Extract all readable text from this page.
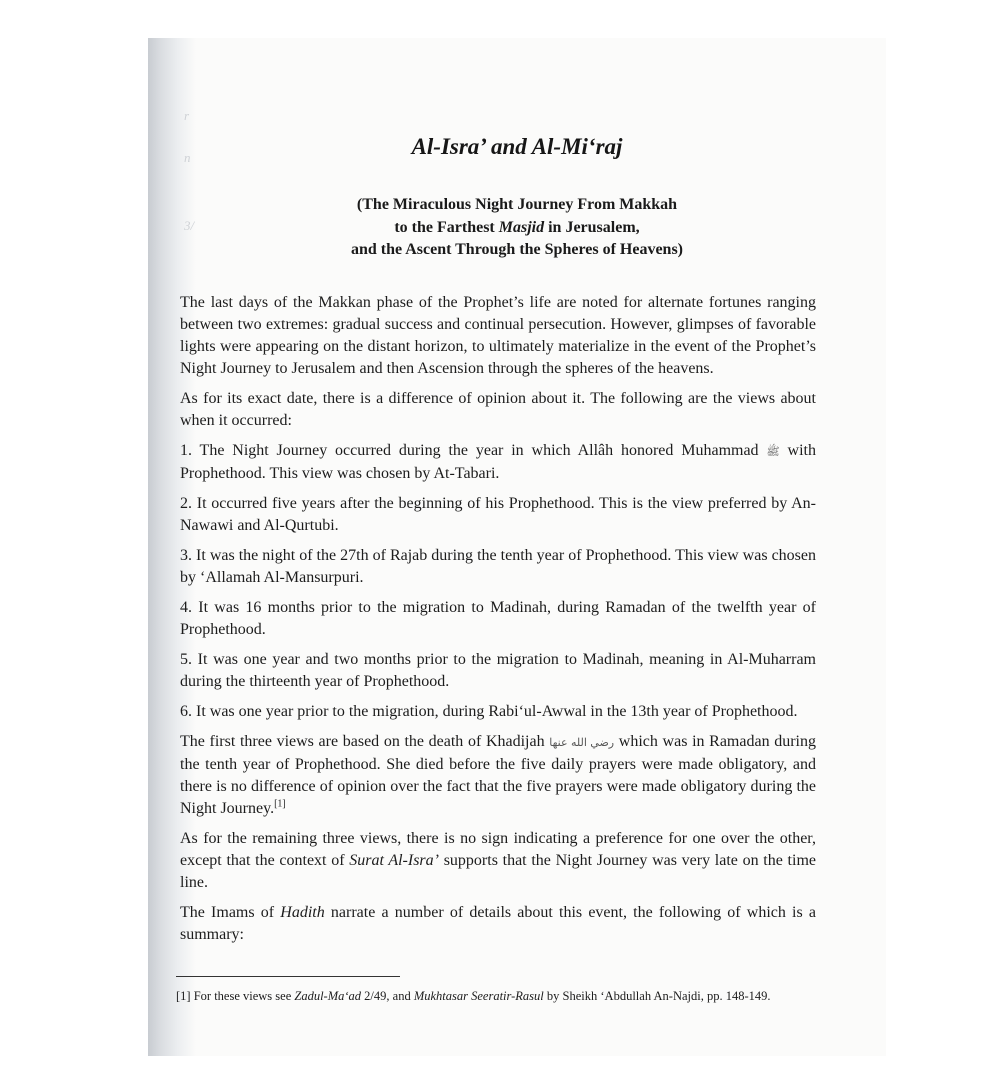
r
n
3/
Al-Isra’ and Al-Mi‘raj
(The Miraculous Night Journey From Makkah
to the Farthest Masjid in Jerusalem,
and the Ascent Through the Spheres of Heavens)

The last days of the Makkan phase of the Prophet’s life are noted for alternate fortunes ranging between two extremes: gradual success and continual persecution. However, glimpses of favorable lights were appearing on the distant horizon, to ultimately materialize in the event of the Prophet’s Night Journey to Jerusalem and then Ascension through the spheres of the heavens.

As for its exact date, there is a difference of opinion about it. The following are the views about when it occurred:

1. The Night Journey occurred during the year in which Allâh honored Muhammad ﷺ with Prophethood. This view was chosen by At-Tabari.

2. It occurred five years after the beginning of his Prophethood. This is the view preferred by An-Nawawi and Al-Qurtubi.

3. It was the night of the 27th of Rajab during the tenth year of Prophethood. This view was chosen by ‘Allamah Al-Mansurpuri.

4. It was 16 months prior to the migration to Madinah, during Ramadan of the twelfth year of Prophethood.

5. It was one year and two months prior to the migration to Madinah, meaning in Al-Muharram during the thirteenth year of Prophethood.

6. It was one year prior to the migration, during Rabi‘ul-Awwal in the 13th year of Prophethood.

The first three views are based on the death of Khadijah رضي الله عنها which was in Ramadan during the tenth year of Prophethood. She died before the five daily prayers were made obligatory, and there is no difference of opinion over the fact that the five prayers were made obligatory during the Night Journey.[1]

As for the remaining three views, there is no sign indicating a preference for one over the other, except that the context of Surat Al-Isra’ supports that the Night Journey was very late on the time line.

The Imams of Hadith narrate a number of details about this event, the following of which is a summary:

[1] For these views see Zadul-Ma‘ad 2/49, and Mukhtasar Seeratir-Rasul by Sheikh ‘Abdullah An-Najdi, pp. 148-149.
